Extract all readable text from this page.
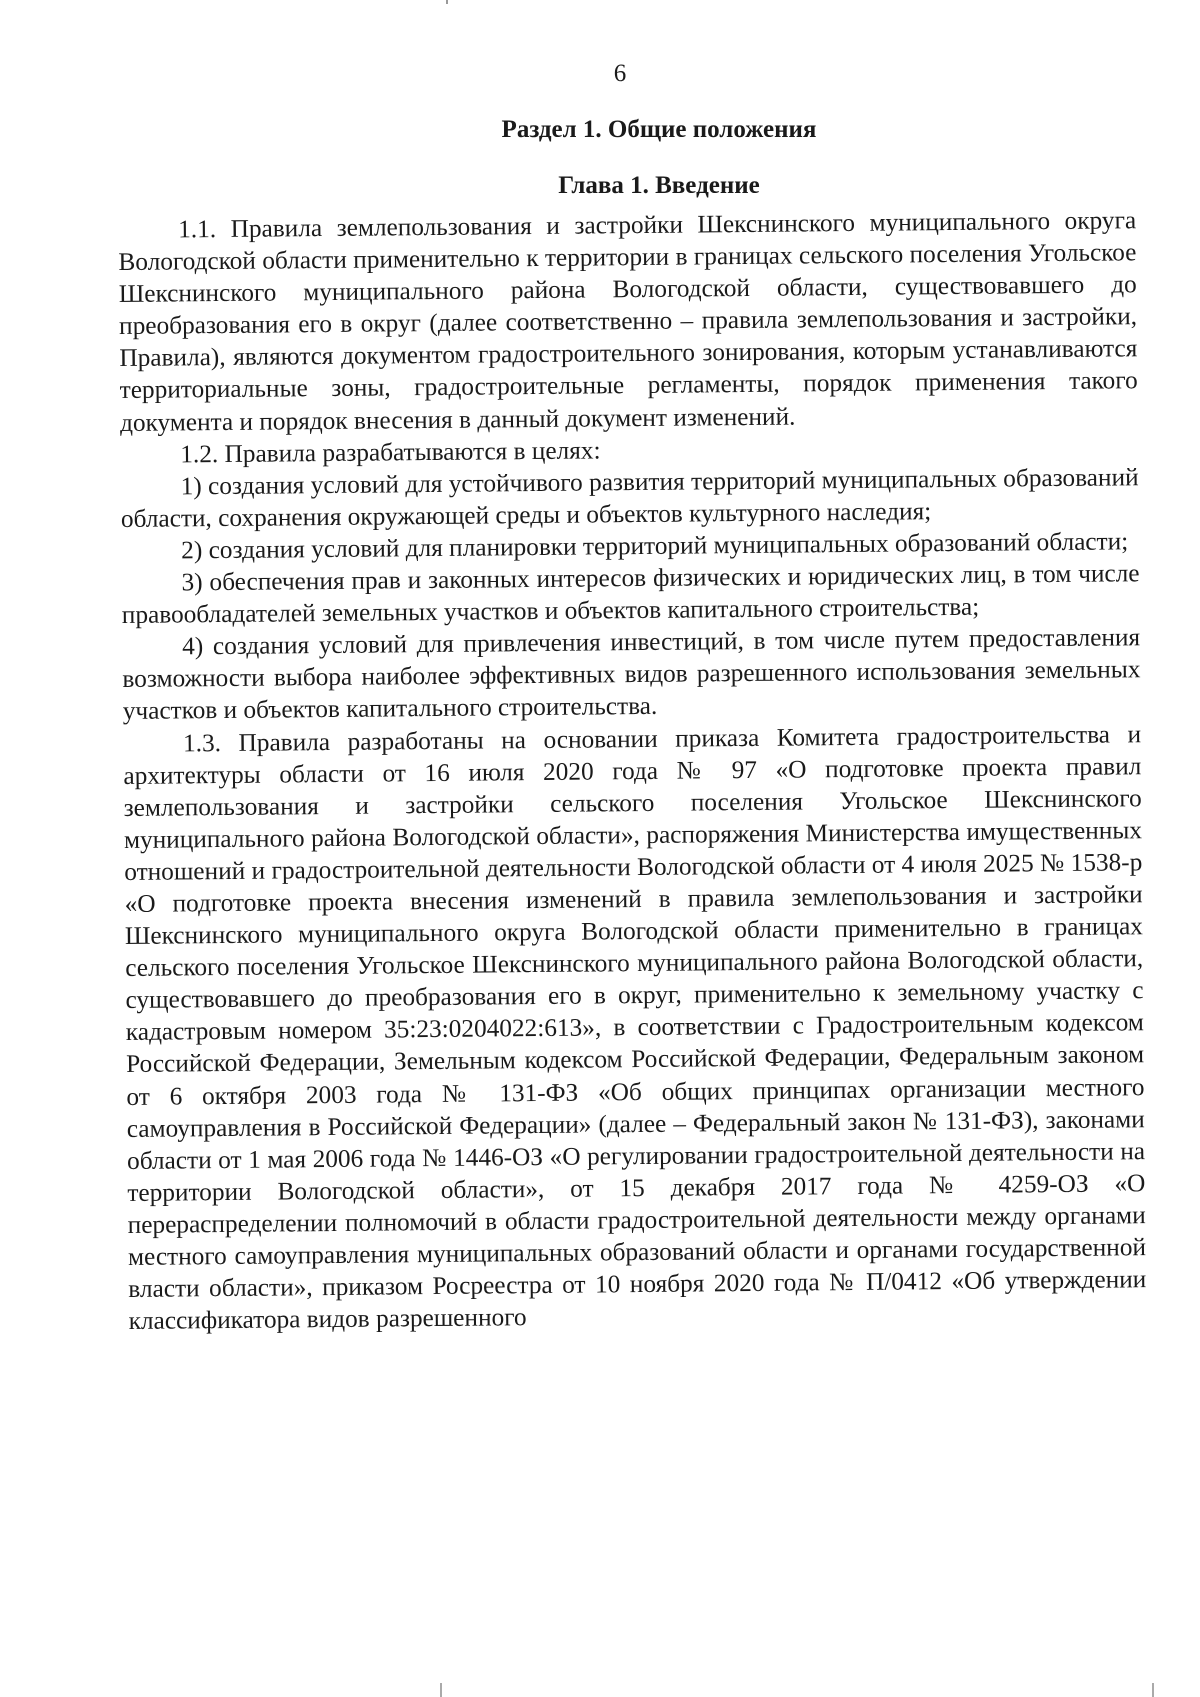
6
Раздел 1. Общие положения
Глава 1. Введение

1.1. Правила землепользования и застройки Шекснинского муниципального округа Вологодской области применительно к территории в границах сельского поселения Угольское Шекснинского муниципального района Вологодской области, существовавшего до преобразования его в округ (далее соответственно – правила землепользования и застройки, Правила), являются документом градостроительного зонирования, которым устанавливаются территориальные зоны, градостроительные регламенты, порядок применения такого документа и порядок внесения в данный документ изменений.

1.2. Правила разрабатываются в целях:

1) создания условий для устойчивого развития территорий муниципальных образований области, сохранения окружающей среды и объектов культурного наследия;

2) создания условий для планировки территорий муниципальных образований области;

3) обеспечения прав и законных интересов физических и юридических лиц, в том числе правообладателей земельных участков и объектов капитального строительства;

4) создания условий для привлечения инвестиций, в том числе путем предоставления возможности выбора наиболее эффективных видов разрешенного использования земельных участков и объектов капитального строительства.

1.3. Правила разработаны на основании приказа Комитета градостроительства и архитектуры области от 16 июля 2020 года № 97 «О подготовке проекта правил землепользования и застройки сельского поселения Угольское Шекснинского муниципального района Вологодской области», распоряжения Министерства имущественных отношений и градостроительной деятельности Вологодской области от 4 июля 2025 № 1538-р «О подготовке проекта внесения изменений в правила землепользования и застройки Шекснинского муниципального округа Вологодской области применительно в границах сельского поселения Угольское Шекснинского муниципального района Вологодской области, существовавшего до преобразования его в округ, применительно к земельному участку с кадастровым номером 35:23:0204022:613», в соответствии с Градостроительным кодексом Российской Федерации, Земельным кодексом Российской Федерации, Федеральным законом от 6 октября 2003 года № 131-ФЗ «Об общих принципах организации местного самоуправления в Российской Федерации» (далее – Федеральный закон № 131-ФЗ), законами области от 1 мая 2006 года № 1446-ОЗ «О регулировании градостроительной деятельности на территории Вологодской области», от 15 декабря 2017 года № 4259-ОЗ «О перераспределении полномочий в области градостроительной деятельности между органами местного самоуправления муниципальных образований области и органами государственной власти области», приказом Росреестра от 10 ноября 2020 года № П/0412 «Об утверждении классификатора видов разрешенного
